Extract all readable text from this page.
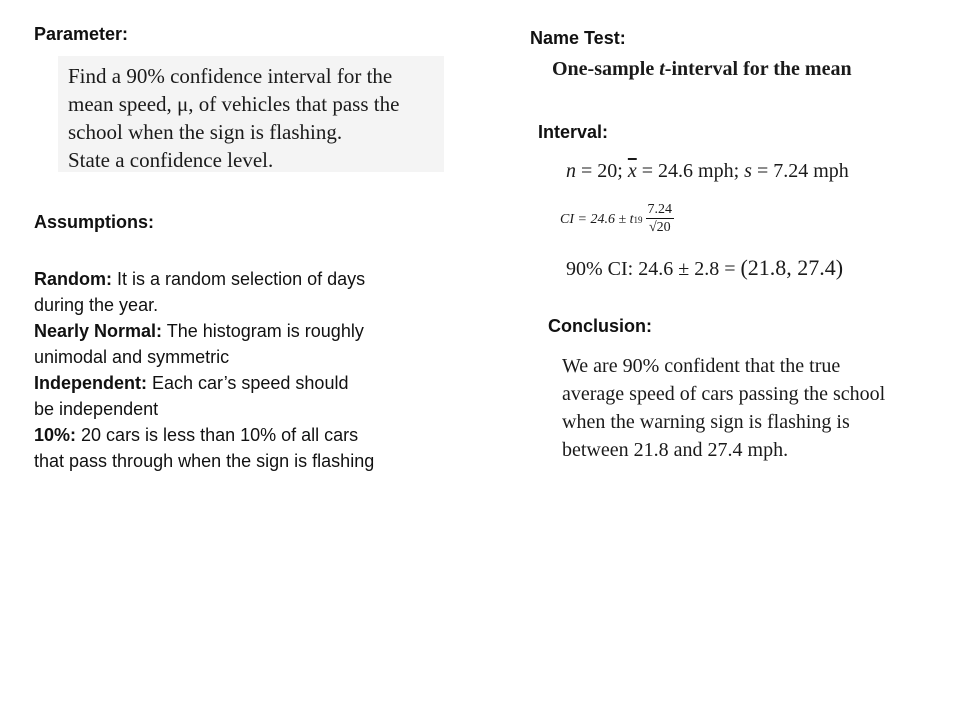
Parameter:

Find a 90% confidence interval for the

mean speed, μ, of vehicles that pass the

school when the sign is flashing.

State a confidence level.

Assumptions:
Random: It is a random selection of days
during the year.
Nearly Normal: The histogram is roughly
unimodal and symmetric
Independent: Each car’s speed should
be independent
10%: 20 cars is less than 10% of all cars
that pass through when the sign is flashing
Name Test:
One-sample t-interval for the mean
Interval:
n = 20; $\overline{x} = 24.6$ mph; s = 7.24 mph
CI = 24.6 ± t $19 \frac{7.24}{√20}$
90% CI: 24.6 ± 2.8 = (21.8, 27.4)
Conclusion:

We are 90% confident that the true

average speed of cars passing the school

when the warning sign is flashing is

between 21.8 and 27.4 mph.
